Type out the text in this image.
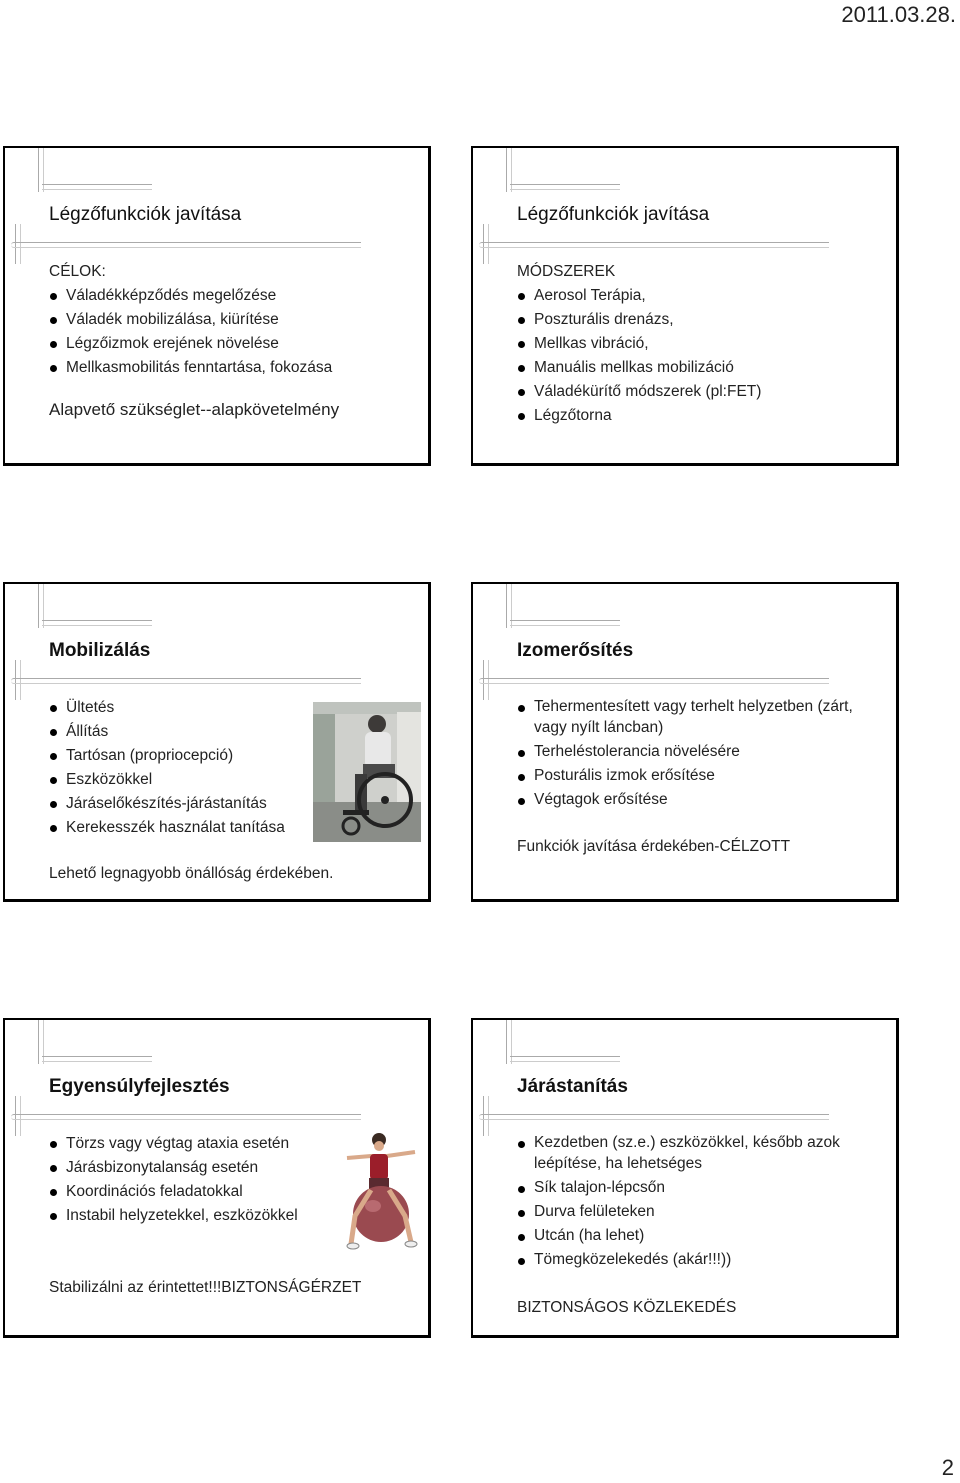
2011.03.28.
Légzőfunkciók javítása

CÉLOK:

Váladékképződés megelőzése
Váladék mobilizálása, kiürítése
Légzőizmok erejének növelése
Mellkasmobilitás fenntartása, fokozása

Alapvető szükséglet--alapkövetelmény

Légzőfunkciók javítása

MÓDSZEREK

Aerosol Terápia,
Poszturális drenázs,
Mellkas vibráció,
Manuális mellkas mobilizáció
Váladékürítő módszerek (pl:FET)
Légzőtorna
Mobilizálás
Ültetés
Állítás
Tartósan (propriocepció)
Eszközökkel
Járáselőkészítés-járástanítás
Kerekesszék használat tanítása

Lehető legnagyobb önállóság érdekében.

Izomerősítés
Tehermentesített vagy terhelt helyzetben (zárt, vagy nyílt láncban)
Terheléstolerancia növelésére
Posturális izmok erősítése
Végtagok erősítése

Funkciók javítása érdekében-CÉLZOTT

Egyensúlyfejlesztés
Törzs vagy végtag ataxia esetén
Járásbizonytalanság esetén
Koordinációs feladatokkal
Instabil helyzetekkel, eszközökkel

Stabilizálni az érintettet!!!BIZTONSÁGÉRZET

Járástanítás
Kezdetben (sz.e.) eszközökkel, később azok leépítése, ha lehetséges
Sík talajon-lépcsőn
Durva felületeken
Utcán (ha lehet)
Tömegközelekedés (akár!!!))

BIZTONSÁGOS KÖZLEKEDÉS

2
